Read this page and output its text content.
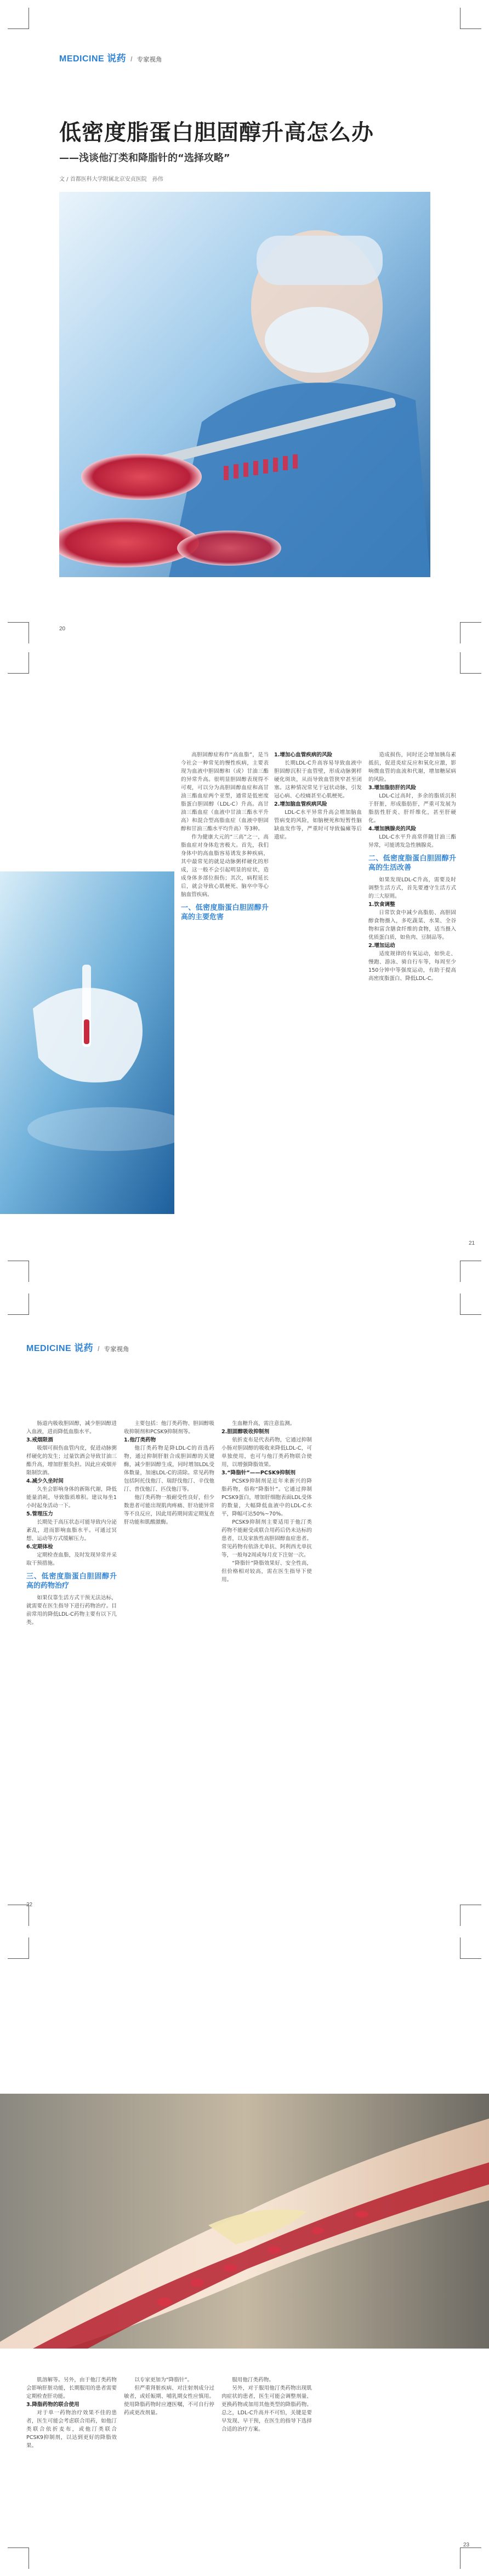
MEDICINE 说药 / 专家视角
低密度脂蛋白胆固醇升高怎么办
——浅谈他汀类和降脂针的“选择攻略”
文 / 首都医科大学附属北京安贞医院　孙伟
20

高胆固醇症称作“高血脂”，是当今社会一种常见的慢性疾病，主要表现为血液中胆固醇和（或）甘油三酯的异常升高。很明显胆固醇表现得不可观，可以分为高胆固醇血症和高甘油三酯血症两个亚型，通常是低密度脂蛋白胆固醇（LDL-C）升高。高甘油三酯血症（血液中甘油三酯水平升高）和混合型高脂血症（血液中胆固醇和甘油三酯水平均升高）等3种。

作为健康大元的“三高”之一，高脂血症对身体危害极大。首先，我们身体中的高血脂容易诱发多种疾病，其中最常见的就是动脉粥样硬化的形成，这一般不会引起明显的症状，造成身体多部位损伤；其次，病程延长后，就会导致心肌梗死、脑卒中等心脑血管疾病。

一、低密度脂蛋白胆固醇升高的主要危害

1.增加心血管疾病的风险

长期LDL-C升高容易导致血液中胆固醇沉积于血管壁，形成动脉粥样硬化斑块，从而导致血管狭窄甚至闭塞。这种情况常见于冠状动脉，引发冠心病、心绞痛甚至心肌梗死。

2.增加脑血管疾病风险

LDL-C水平异常升高会增加脑血管病变的风险，如脑梗死和短暂性脑缺血发作等，严重时可导致偏瘫等后遗症。

造成损伤，同时还会增加胰岛素抵抗，促进炎症反应和氧化应激，影响微血管的血流和代谢，增加糖尿病的风险。

3.增加脂肪肝的风险

LDL-C过高时，多余的脂质沉积于肝脏，形成脂肪肝，严重可发展为脂肪性肝炎、肝纤维化，甚至肝硬化。

4.增加胰腺炎的风险

LDL-C水平升高常伴随甘油三酯异常，可能诱发急性胰腺炎。

二、低密度脂蛋白胆固醇升高的生活改善

如果发现LDL-C升高，需要及时调整生活方式，首先要遵守生活方式的三大原则。

1.饮食调整

日常饮食中减少高脂肪、高胆固醇食物摄入，多吃蔬菜、水果、全谷物和富含膳食纤维的食物，适当摄入优质蛋白质，如鱼肉、豆制品等。

2.增加运动

适度规律的有氧运动，如快走、慢跑、游泳、骑自行车等，每周至少150分钟中等强度运动，有助于提高高密度脂蛋白、降低LDL-C。

21
MEDICINE 说药 / 专家视角

肠道内吸收胆固醇，减少胆固醇进入血液，进而降低血脂水平。

3.戒烟限酒

吸烟可损伤血管内皮，促进动脉粥样硬化的发生；过量饮酒会导致甘油三酯升高，增加肝脏负担。因此应戒烟并限制饮酒。

4.减少久坐时间

久坐会影响身体的新陈代谢，降低能量消耗，导致脂质堆积。建议每坐1小时起身活动一下。

5.管理压力

长期处于高压状态可能导致内分泌紊乱，进而影响血脂水平。可通过冥想、运动等方式缓解压力。

6.定期体检

定期检查血脂，及时发现异常并采取干预措施。

三、低密度脂蛋白胆固醇升高的药物治疗

如果仅靠生活方式干预无法达标，就需要在医生指导下进行药物治疗。目前常用的降低LDL-C药物主要有以下几类。

主要包括：他汀类药物、胆固醇吸收抑制剂和PCSK9抑制剂等。

1.他汀类药物

他汀类药物是降LDL-C的首选药物，通过抑制肝脏合成胆固醇的关键酶，减少胆固醇生成，同时增加LDL受体数量，加速LDL-C的清除。常见药物包括阿托伐他汀、瑞舒伐他汀、辛伐他汀、普伐他汀、匹伐他汀等。

他汀类药物一般耐受性良好，但少数患者可能出现肌肉疼痛、肝功能异常等不良反应，因此用药期间需定期复查肝功能和肌酸激酶。

生血糖升高，需注意监测。

2.胆固醇吸收抑制剂

依折麦布是代表药物，它通过抑制小肠对胆固醇的吸收来降低LDL-C，可单独使用，也可与他汀类药物联合使用，以增强降脂效果。

3.“降脂针”——PCSK9抑制剂

PCSK9抑制剂是近年来新兴的降脂药物，俗称“降脂针”。它通过抑制PCSK9蛋白，增加肝细胞表面LDL受体的数量，大幅降低血液中的LDL-C水平，降幅可达50%~70%。

PCSK9抑制剂主要适用于他汀类药物不能耐受或联合用药后仍未达标的患者，以及家族性高胆固醇血症患者。常见药物有依洛尤单抗、阿利西尤单抗等，一般每2周或每月皮下注射一次。

“降脂针”降脂效果好、安全性高，但价格相对较高，需在医生指导下使用。

22

肌溶解等。另外，由于他汀类药物会影响肝脏功能，长期服用的患者需要定期检查肝功能。

3.降脂药物的联合使用

对于单一药物治疗效果不佳的患者，医生可能会考虑联合用药，如他汀类联合依折麦布，或他汀类联合PCSK9抑制剂，以达到更好的降脂效果。

以专家更加为“降脂针”。

但严重肾脏疾病、对注射剂成分过敏者，或妊娠期、哺乳期女性应慎用。使用降脂药物时应遵医嘱，不可自行停药或更改剂量。

服用他汀类药物。

另外，对于服用他汀类药物出现肌肉症状的患者，医生可能会调整剂量、更换药物或加用其他类型的降脂药物。总之，LDL-C升高并不可怕，关键是要早发现、早干预，在医生的指导下选择合适的治疗方案。

23
